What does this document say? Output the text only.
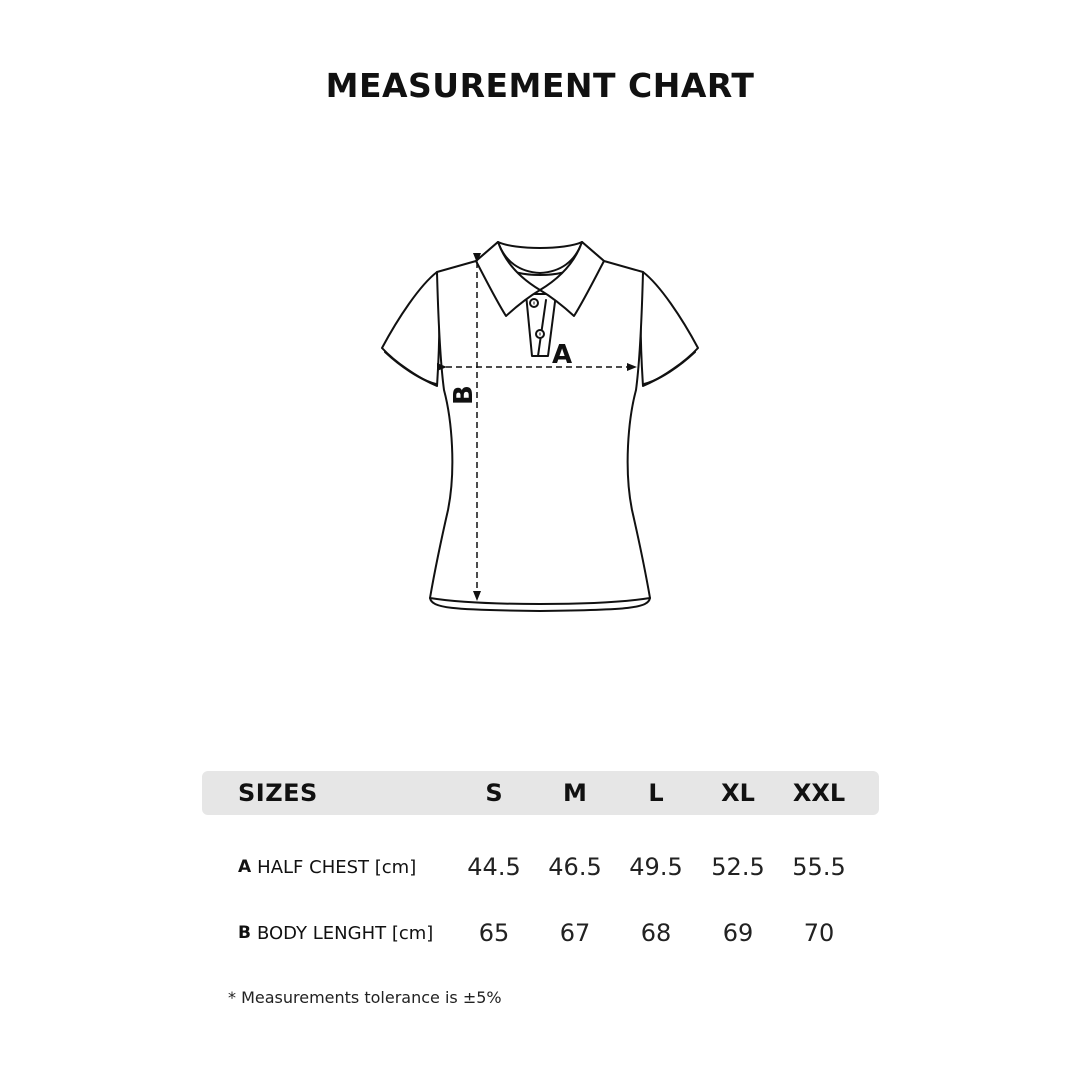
MEASUREMENT CHART
A
B
SIZES	S	M	L	XL	XXL
A HALF CHEST [cm]	44.5	46.5	49.5	52.5	55.5
B BODY LENGHT [cm]	65	67	68	69	70
* Measurements tolerance is ±5%
